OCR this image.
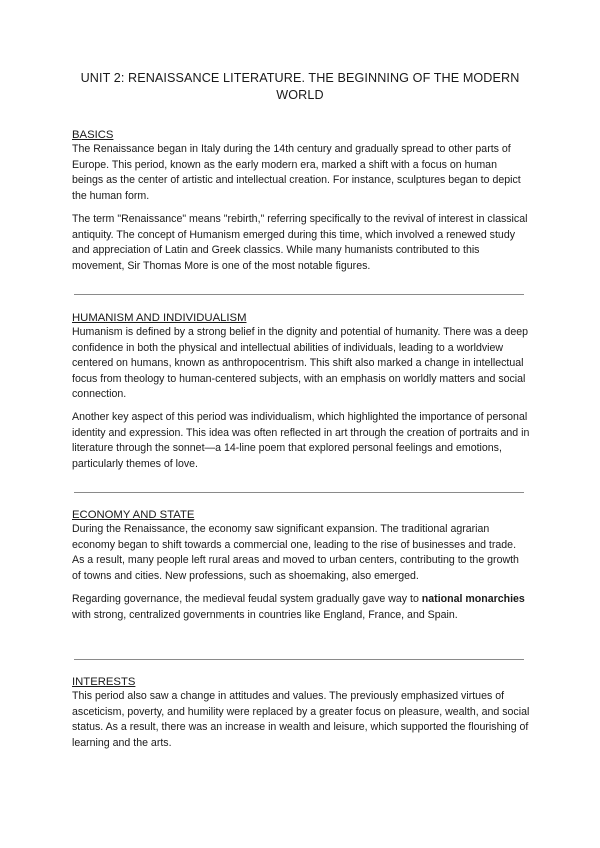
UNIT 2: RENAISSANCE LITERATURE. THE BEGINNING OF THE MODERN WORLD
BASICS

The Renaissance began in Italy during the 14th century and gradually spread to other parts of Europe. This period, known as the early modern era, marked a shift with a focus on human beings as the center of artistic and intellectual creation. For instance, sculptures began to depict the human form.

The term "Renaissance" means "rebirth," referring specifically to the revival of interest in classical antiquity. The concept of Humanism emerged during this time, which involved a renewed study and appreciation of Latin and Greek classics. While many humanists contributed to this movement, Sir Thomas More is one of the most notable figures.

HUMANISM AND INDIVIDUALISM

Humanism is defined by a strong belief in the dignity and potential of humanity. There was a deep confidence in both the physical and intellectual abilities of individuals, leading to a worldview centered on humans, known as anthropocentrism. This shift also marked a change in intellectual focus from theology to human-centered subjects, with an emphasis on worldly matters and social connection.

Another key aspect of this period was individualism, which highlighted the importance of personal identity and expression. This idea was often reflected in art through the creation of portraits and in literature through the sonnet—a 14-line poem that explored personal feelings and emotions, particularly themes of love.

ECONOMY AND STATE

During the Renaissance, the economy saw significant expansion. The traditional agrarian economy began to shift towards a commercial one, leading to the rise of businesses and trade. As a result, many people left rural areas and moved to urban centers, contributing to the growth of towns and cities. New professions, such as shoemaking, also emerged.

Regarding governance, the medieval feudal system gradually gave way to national monarchies with strong, centralized governments in countries like England, France, and Spain.

INTERESTS

This period also saw a change in attitudes and values. The previously emphasized virtues of asceticism, poverty, and humility were replaced by a greater focus on pleasure, wealth, and social status. As a result, there was an increase in wealth and leisure, which supported the flourishing of learning and the arts.
